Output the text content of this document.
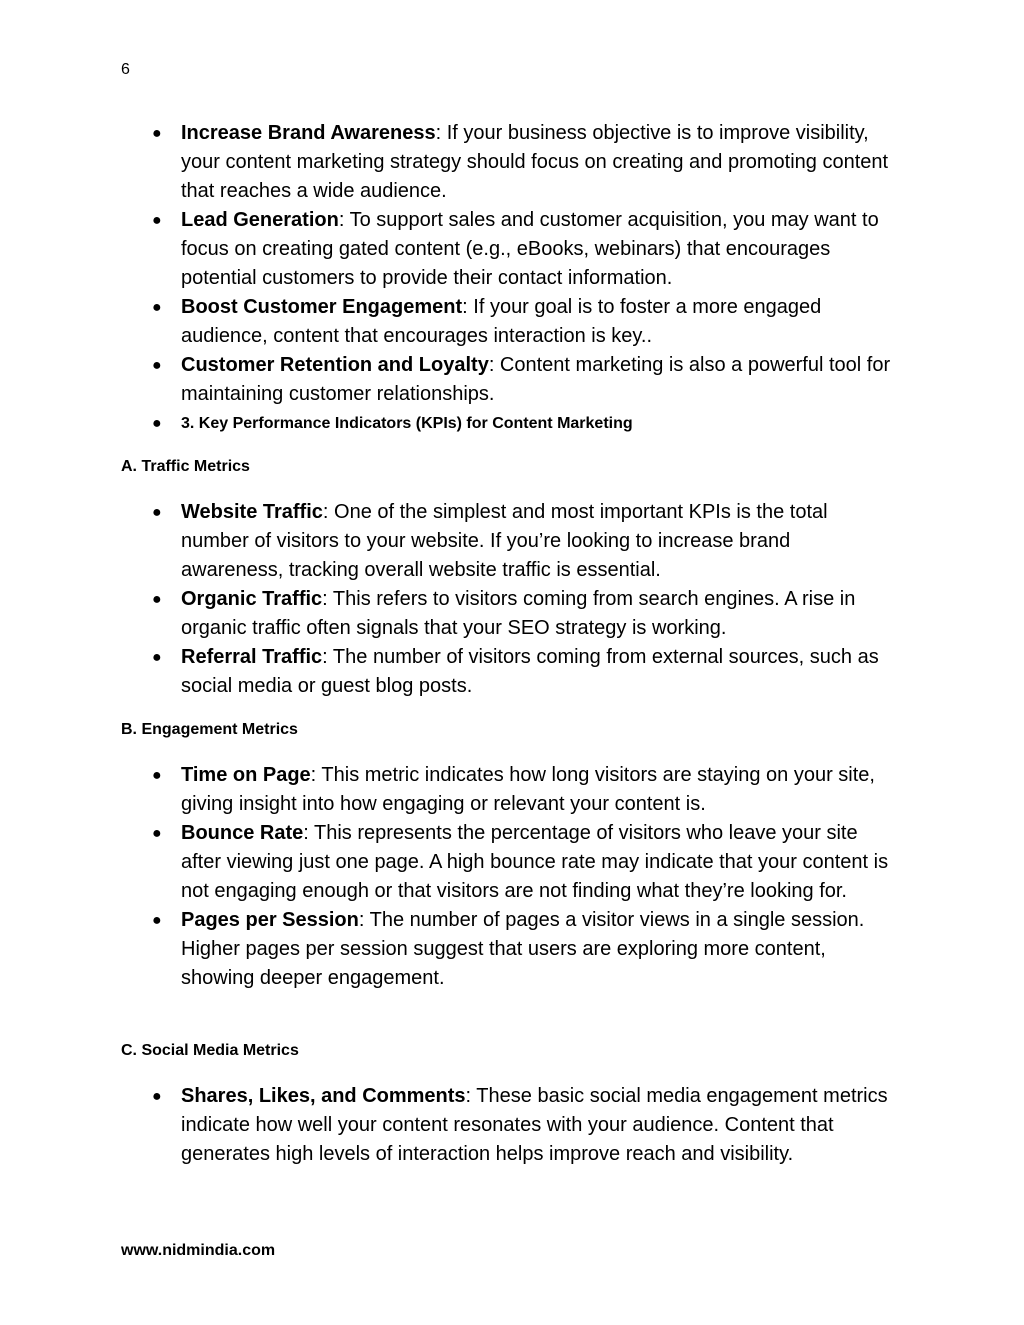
6
● Increase Brand Awareness: If your business objective is to improve visibility, your content marketing strategy should focus on creating and promoting content that reaches a wide audience.
● Lead Generation: To support sales and customer acquisition, you may want to focus on creating gated content (e.g., eBooks, webinars) that encourages potential customers to provide their contact information.
● Boost Customer Engagement: If your goal is to foster a more engaged audience, content that encourages interaction is key..
● Customer Retention and Loyalty: Content marketing is also a powerful tool for maintaining customer relationships.
● 3. Key Performance Indicators (KPIs) for Content Marketing
A. Traffic Metrics
● Website Traffic: One of the simplest and most important KPIs is the total number of visitors to your website. If you’re looking to increase brand awareness, tracking overall website traffic is essential.
● Organic Traffic: This refers to visitors coming from search engines. A rise in organic traffic often signals that your SEO strategy is working.
● Referral Traffic: The number of visitors coming from external sources, such as social media or guest blog posts.
B. Engagement Metrics
● Time on Page: This metric indicates how long visitors are staying on your site, giving insight into how engaging or relevant your content is.
● Bounce Rate: This represents the percentage of visitors who leave your site after viewing just one page. A high bounce rate may indicate that your content is not engaging enough or that visitors are not finding what they’re looking for.
● Pages per Session: The number of pages a visitor views in a single session. Higher pages per session suggest that users are exploring more content, showing deeper engagement.
C. Social Media Metrics
● Shares, Likes, and Comments: These basic social media engagement metrics indicate how well your content resonates with your audience. Content that generates high levels of interaction helps improve reach and visibility.
www.nidmindia.com
